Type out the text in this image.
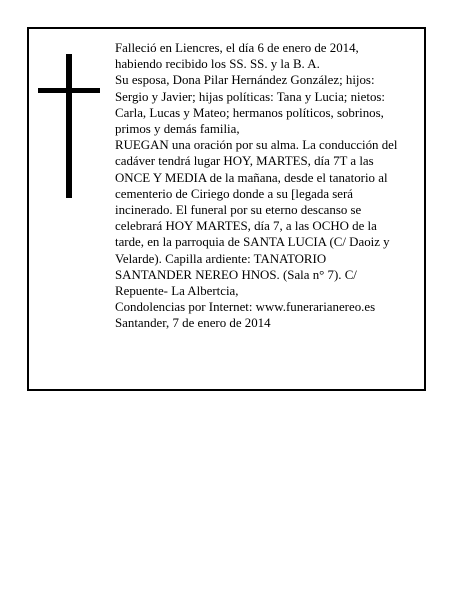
Falleció en Liencres, el día 6 de enero de 2014,
habiendo recibido los SS. SS. y la B. A.
Su esposa, Dona Pilar Hernández González; hijos:
Sergio y Javier; hijas políticas: Tana y Lucia; nietos:
Carla, Lucas y Mateo; hermanos políticos, sobrinos,
primos y demás familia,
RUEGAN una oración por su alma. La conducción del
cadáver tendrá lugar HOY, MARTES, día 7T a las
ONCE Y MEDIA de la mañana, desde el tanatorio al
cementerio de Ciriego donde a su [legada será
incinerado. El funeral por su eterno descanso se
celebrará HOY MARTES, día 7, a las OCHO de la
tarde, en la parroquia de SANTA LUCIA (C/ Daoiz y
Velarde). Capilla ardiente: TANATORIO
SANTANDER NEREO HNOS. (Sala n° 7). C/
Repuente- La Albertcia,
Condolencias por Internet: www.funerarianereo.es
Santander, 7 de enero de 2014
